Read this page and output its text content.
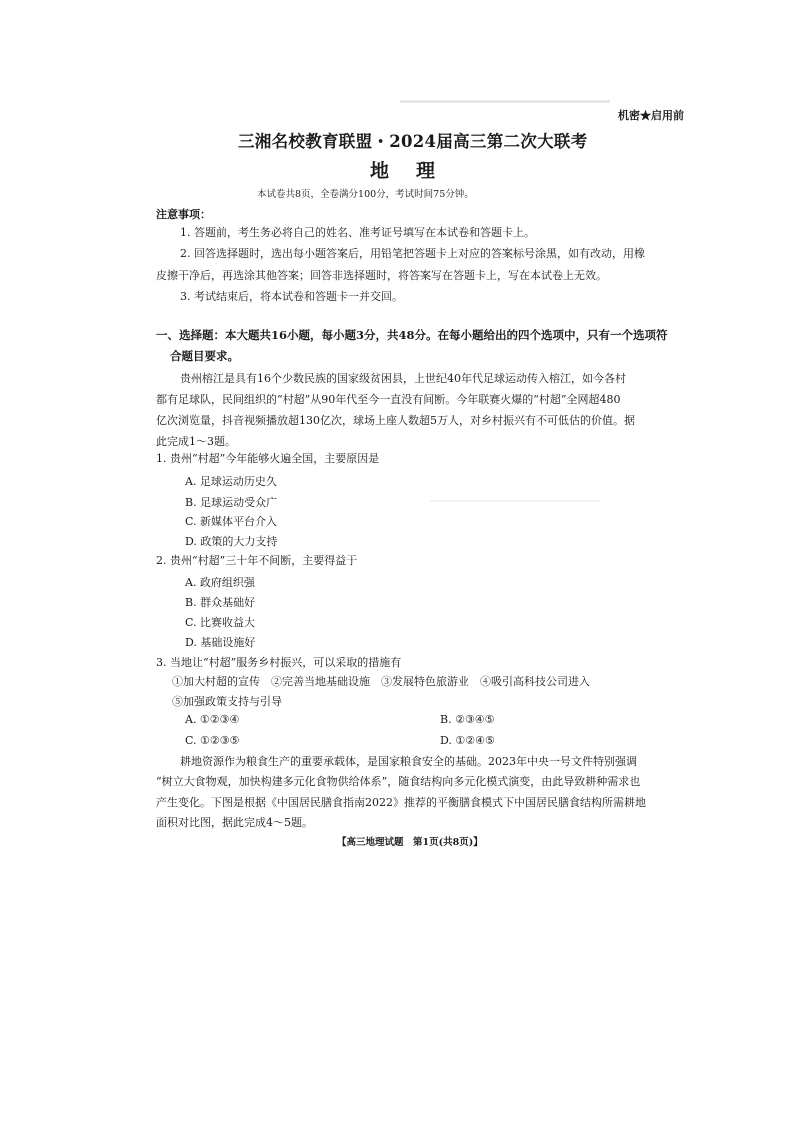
机密★启用前
三湘名校教育联盟・2024届高三第二次大联考
地　理
本试卷共8页，全卷满分100分，考试时间75分钟。
注意事项：
1. 答题前，考生务必将自己的姓名、准考证号填写在本试卷和答题卡上。
2. 回答选择题时，选出每小题答案后，用铅笔把答题卡上对应的答案标号涂黑，如有改动，用橡
皮擦干净后，再选涂其他答案；回答非选择题时，将答案写在答题卡上，写在本试卷上无效。
3. 考试结束后，将本试卷和答题卡一并交回。
一、选择题：本大题共16小题，每小题3分，共48分。在每小题给出的四个选项中，只有一个选项符
合题目要求。
贵州榕江是具有16个少数民族的国家级贫困县，上世纪40年代足球运动传入榕江，如今各村
都有足球队，民间组织的“村超”从90年代至今一直没有间断。今年联赛火爆的“村超”全网超480
亿次浏览量，抖音视频播放超130亿次，球场上座人数超5万人，对乡村振兴有不可低估的价值。据
此完成1～3题。
1. 贵州“村超”今年能够火遍全国，主要原因是
A. 足球运动历史久
B. 足球运动受众广
C. 新媒体平台介入
D. 政策的大力支持
2. 贵州“村超”三十年不间断，主要得益于
A. 政府组织强
B. 群众基础好
C. 比赛收益大
D. 基础设施好
3. 当地让“村超”服务乡村振兴，可以采取的措施有
①加大村超的宣传　②完善当地基础设施　③发展特色旅游业　④吸引高科技公司进入
⑤加强政策支持与引导
A. ①②③④	B. ②③④⑤
C. ①②③⑤	D. ①②④⑤
耕地资源作为粮食生产的重要承载体，是国家粮食安全的基础。2023年中央一号文件特别强调
“树立大食物观，加快构建多元化食物供给体系”，随食结构向多元化模式演变，由此导致耕种需求也
产生变化。下图是根据《中国居民膳食指南2022》推荐的平衡膳食模式下中国居民膳食结构所需耕地
面积对比图，据此完成4～5题。
【高三地理试题　第1页(共8页)】
